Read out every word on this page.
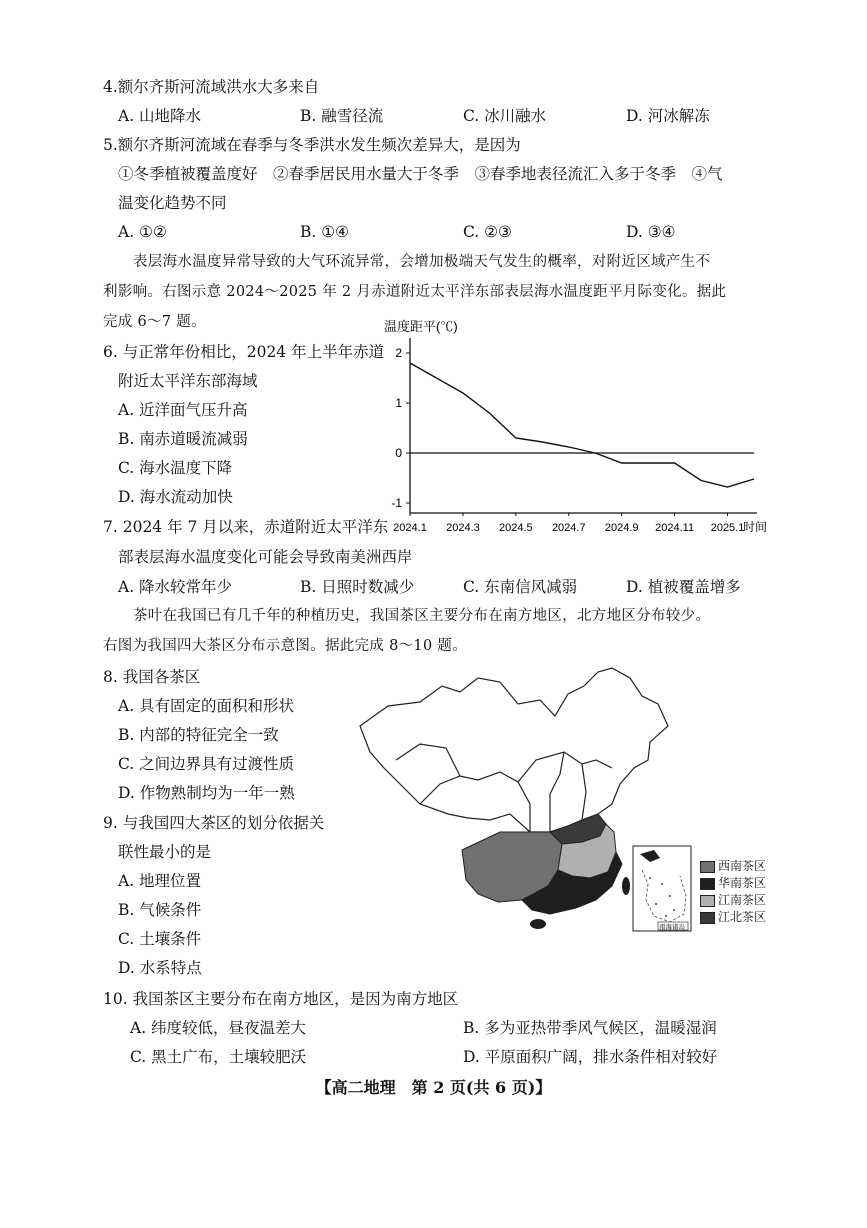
4.额尔齐斯河流域洪水大多来自
A. 山地降水	B. 融雪径流	C. 冰川融水	D. 河冰解冻
5.额尔齐斯河流域在春季与冬季洪水发生频次差异大，是因为
①冬季植被覆盖度好　②春季居民用水量大于冬季　③春季地表径流汇入多于冬季　④气
温变化趋势不同
A. ①②	B. ①④	C. ②③	D. ③④
表层海水温度异常导致的大气环流异常，会增加极端天气发生的概率，对附近区域产生不
利影响。右图示意 2024～2025 年 2 月赤道附近太平洋东部表层海水温度距平月际变化。据此
完成 6～7 题。
6. 与正常年份相比，2024 年上半年赤道
附近太平洋东部海域
A. 近洋面气压升高
B. 南赤道暖流减弱
C. 海水温度下降
D. 海水流动加快
温度距平(℃)
2
1
0
-1
2024.1 2024.3 2024.5 2024.7 2024.9 2024.11 2025.1
时间
7. 2024 年 7 月以来，赤道附近太平洋东
部表层海水温度变化可能会导致南美洲西岸
A. 降水较常年少	B. 日照时数减少	C. 东南信风减弱	D. 植被覆盖增多
茶叶在我国已有几千年的种植历史，我国茶区主要分布在南方地区，北方地区分布较少。
右图为我国四大茶区分布示意图。据此完成 8～10 题。
8. 我国各茶区
A. 具有固定的面积和形状
B. 内部的特征完全一致
C. 之间边界具有过渡性质
D. 作物熟制均为一年一熟
9. 与我国四大茶区的划分依据关
联性最小的是
A. 地理位置
B. 气候条件
C. 土壤条件
D. 水系特点
南海诸岛
西南茶区
华南茶区
江南茶区
江北茶区
10. 我国茶区主要分布在南方地区，是因为南方地区
A. 纬度较低，昼夜温差大	B. 多为亚热带季风气候区，温暖湿润
C. 黑土广布，土壤较肥沃	D. 平原面积广阔，排水条件相对较好
【高二地理　第 2 页(共 6 页)】
